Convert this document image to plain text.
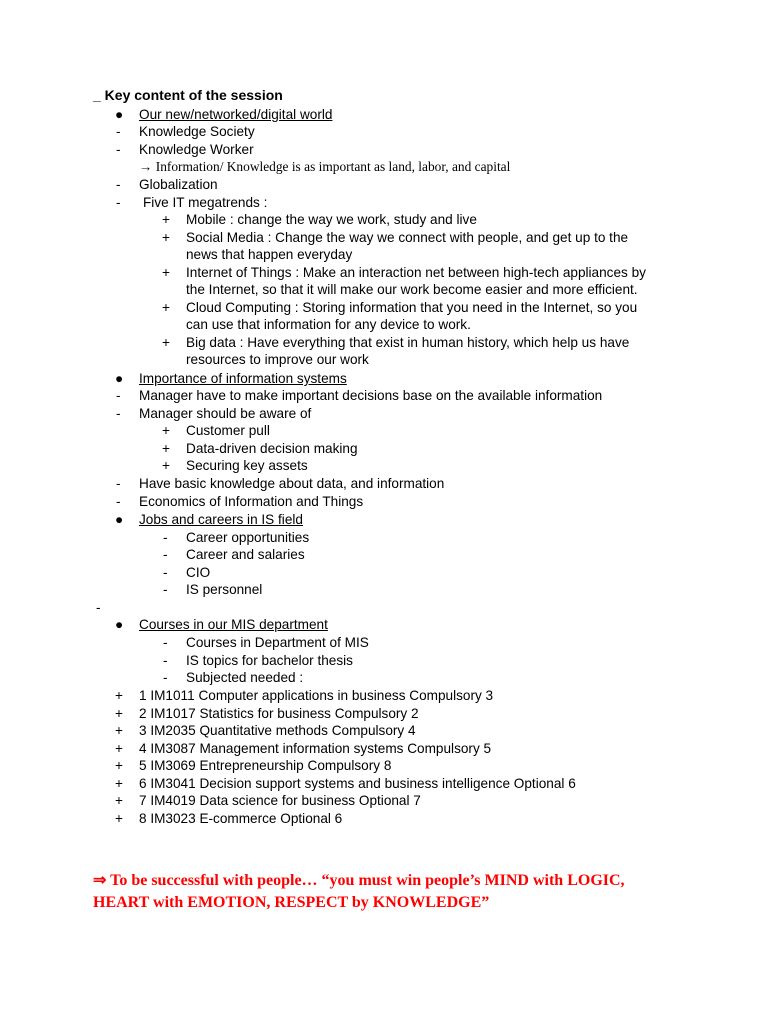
_ Key content of the session
● Our new/networked/digital world
- Knowledge Society
- Knowledge Worker
→ Information/ Knowledge is as important as land, labor, and capital
- Globalization
- Five IT megatrends :
+ Mobile : change the way we work, study and live
+ Social Media : Change the way we connect with people, and get up to the
news that happen everyday
+ Internet of Things : Make an interaction net between high-tech appliances by
the Internet, so that it will make our work become easier and more efficient.
+ Cloud Computing : Storing information that you need in the Internet, so you
can use that information for any device to work.
+ Big data : Have everything that exist in human history, which help us have
resources to improve our work
● Importance of information systems
- Manager have to make important decisions base on the available information
- Manager should be aware of
+ Customer pull
+ Data-driven decision making
+ Securing key assets
- Have basic knowledge about data, and information
- Economics of Information and Things
● Jobs and careers in IS field
- Career opportunities
- Career and salaries
- CIO
- IS personnel
-
● Courses in our MIS department
- Courses in Department of MIS
- IS topics for bachelor thesis
- Subjected needed :
+ 1 IM1011 Computer applications in business Compulsory 3
+ 2 IM1017 Statistics for business Compulsory 2
+ 3 IM2035 Quantitative methods Compulsory 4
+ 4 IM3087 Management information systems Compulsory 5
+ 5 IM3069 Entrepreneurship Compulsory 8
+ 6 IM3041 Decision support systems and business intelligence Optional 6
+ 7 IM4019 Data science for business Optional 7
+ 8 IM3023 E-commerce Optional 6
⇒ To be successful with people… “you must win people’s MIND with LOGIC,
HEART with EMOTION, RESPECT by KNOWLEDGE”
